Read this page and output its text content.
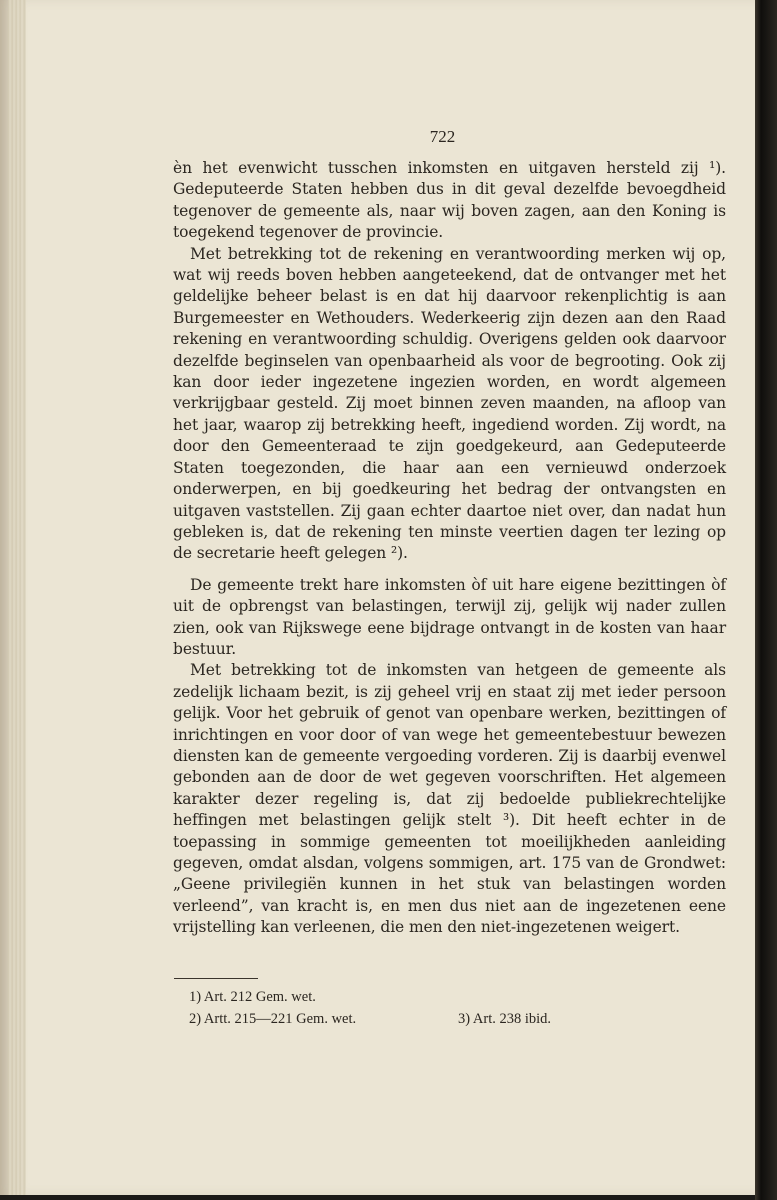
722

èn het evenwicht tusschen inkomsten en uitgaven hersteld zij ¹). Gedeputeerde Staten hebben dus in dit geval dezelfde bevoegdheid tegenover de gemeente als, naar wij boven zagen, aan den Koning is toegekend tegenover de provincie.

Met betrekking tot de rekening en verantwoording merken wij op, wat wij reeds boven hebben aangeteekend, dat de ontvanger met het geldelijke beheer belast is en dat hij daarvoor rekenplichtig is aan Burgemeester en Wethouders. Wederkeerig zijn dezen aan den Raad rekening en verantwoording schuldig. Overigens gelden ook daarvoor dezelfde beginselen van openbaarheid als voor de begrooting. Ook zij kan door ieder ingezetene ingezien worden, en wordt algemeen verkrijgbaar gesteld. Zij moet binnen zeven maanden, na afloop van het jaar, waarop zij betrekking heeft, ingediend worden. Zij wordt, na door den Gemeenteraad te zijn goedgekeurd, aan Gedeputeerde Staten toegezonden, die haar aan een vernieuwd onderzoek onderwerpen, en bij goedkeuring het bedrag der ontvangsten en uitgaven vaststellen. Zij gaan echter daartoe niet over, dan nadat hun gebleken is, dat de rekening ten minste veertien dagen ter lezing op de secretarie heeft gelegen ²).

De gemeente trekt hare inkomsten òf uit hare eigene bezittingen òf uit de opbrengst van belastingen, terwijl zij, gelijk wij nader zullen zien, ook van Rijkswege eene bijdrage ontvangt in de kosten van haar bestuur.

Met betrekking tot de inkomsten van hetgeen de gemeente als zedelijk lichaam bezit, is zij geheel vrij en staat zij met ieder persoon gelijk. Voor het gebruik of genot van openbare werken, bezittingen of inrichtingen en voor door of van wege het gemeentebestuur bewezen diensten kan de gemeente vergoeding vorderen. Zij is daarbij evenwel gebonden aan de door de wet gegeven voorschriften. Het algemeen karakter dezer regeling is, dat zij bedoelde publiekrechtelijke heffingen met belastingen gelijk stelt ³). Dit heeft echter in de toepassing in sommige gemeenten tot moeilijkheden aanleiding gegeven, omdat alsdan, volgens sommigen, art. 175 van de Grondwet: „Geene privilegiën kunnen in het stuk van belastingen worden verleend”, van kracht is, en men dus niet aan de ingezetenen eene vrijstelling kan verleenen, die men den niet-ingezetenen weigert.

1) Art. 212 Gem. wet.
2) Artt. 215—221 Gem. wet.	3) Art. 238 ibid.
